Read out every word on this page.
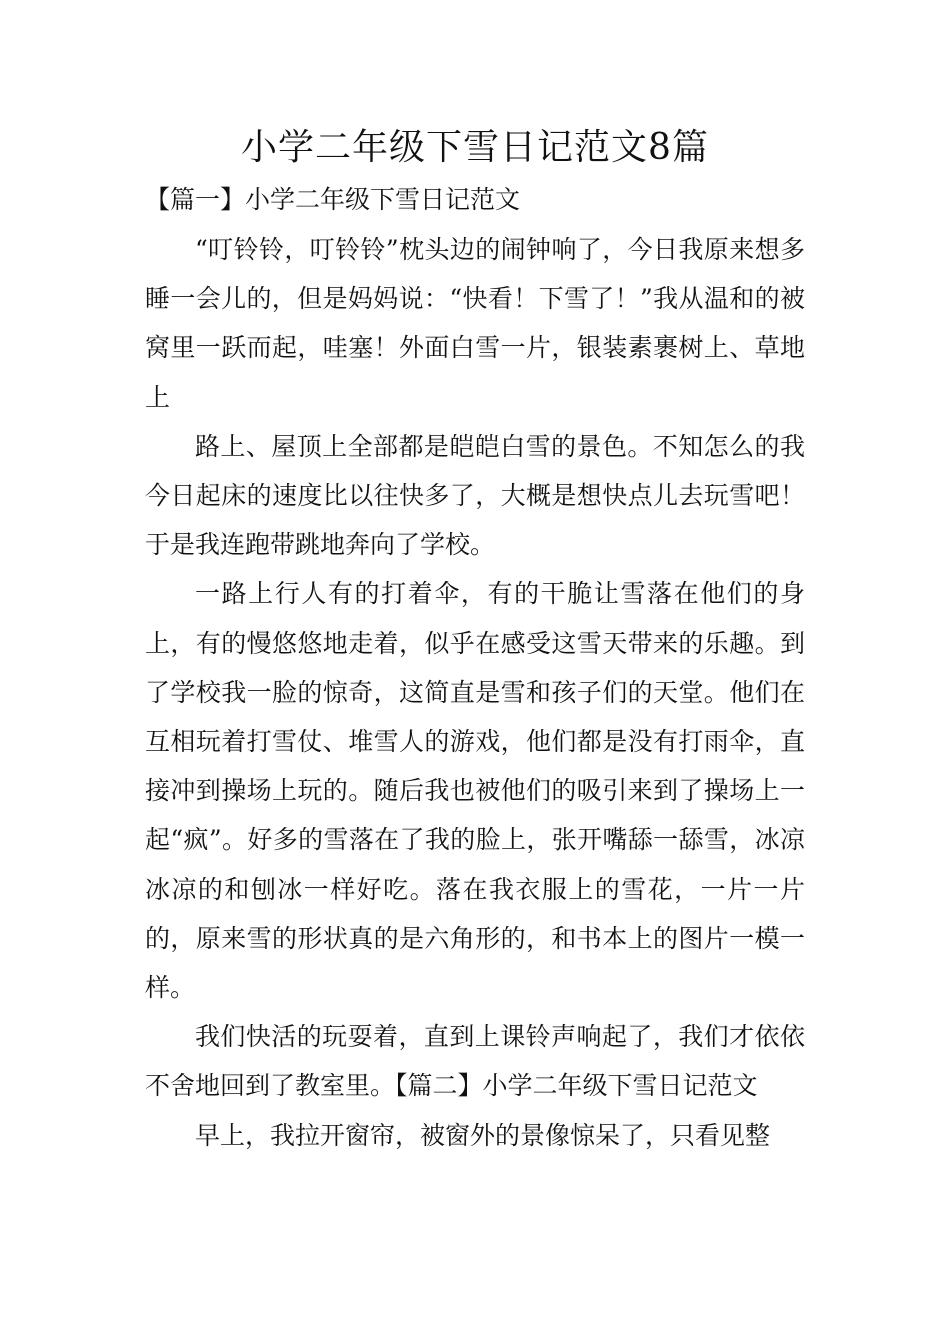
小学二年级下雪日记范文8篇
【篇一】小学二年级下雪日记范文

“叮铃铃，叮铃铃”枕头边的闹钟响了，今日我原来想多睡一会儿的，但是妈妈说：“快看！下雪了！”我从温和的被窝里一跃而起，哇塞！外面白雪一片，银装素裹树上、草地上

路上、屋顶上全部都是皑皑白雪的景色。不知怎么的我今日起床的速度比以往快多了，大概是想快点儿去玩雪吧！于是我连跑带跳地奔向了学校。

一路上行人有的打着伞，有的干脆让雪落在他们的身上，有的慢悠悠地走着，似乎在感受这雪天带来的乐趣。到了学校我一脸的惊奇，这简直是雪和孩子们的天堂。他们在互相玩着打雪仗、堆雪人的游戏，他们都是没有打雨伞，直接冲到操场上玩的。随后我也被他们的吸引来到了操场上一起“疯”。好多的雪落在了我的脸上，张开嘴舔一舔雪，冰凉冰凉的和刨冰一样好吃。落在我衣服上的雪花，一片一片的，原来雪的形状真的是六角形的，和书本上的图片一模一样。

我们快活的玩耍着，直到上课铃声响起了，我们才依依不舍地回到了教室里。【篇二】小学二年级下雪日记范文

早上，我拉开窗帘，被窗外的景像惊呆了，只看见整
